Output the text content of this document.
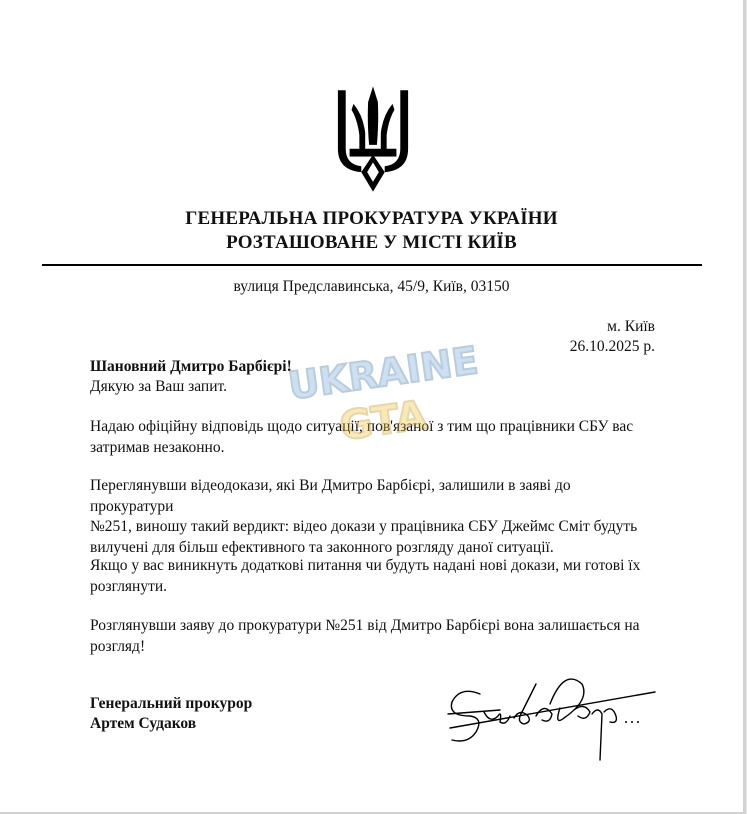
ГЕНЕРАЛЬНА ПРОКУРАТУРА УКРАЇНИ
РОЗТАШОВАНЕ У МІСТІ КИЇВ
вулиця Предславинська, 45/9, Київ, 03150
м. Київ
26.10.2025 р.
Шановний Дмитро Барбієрі!
Дякую за Ваш запит.
Надаю офіційну відповідь щодо ситуації, пов'язаної з тим що працівники СБУ вас
затримав незаконно.
Переглянувши відеодокази, які Ви Дмитро Барбієрі, залишили в заяві до прокуратури
№251, виношу такий вердикт: відео докази у працівника СБУ Джеймс Сміт будуть
вилучені для більш ефективного та законного розгляду даної ситуації.
Якщо у вас виникнуть додаткові питання чи будуть надані нові докази, ми готові їх
розглянути.
Розглянувши заяву до прокуратури №251 від Дмитро Барбієрі вона залишається на
розгляд!
Генеральний прокурор
Артем Судаков
UKRAINE
GTA
